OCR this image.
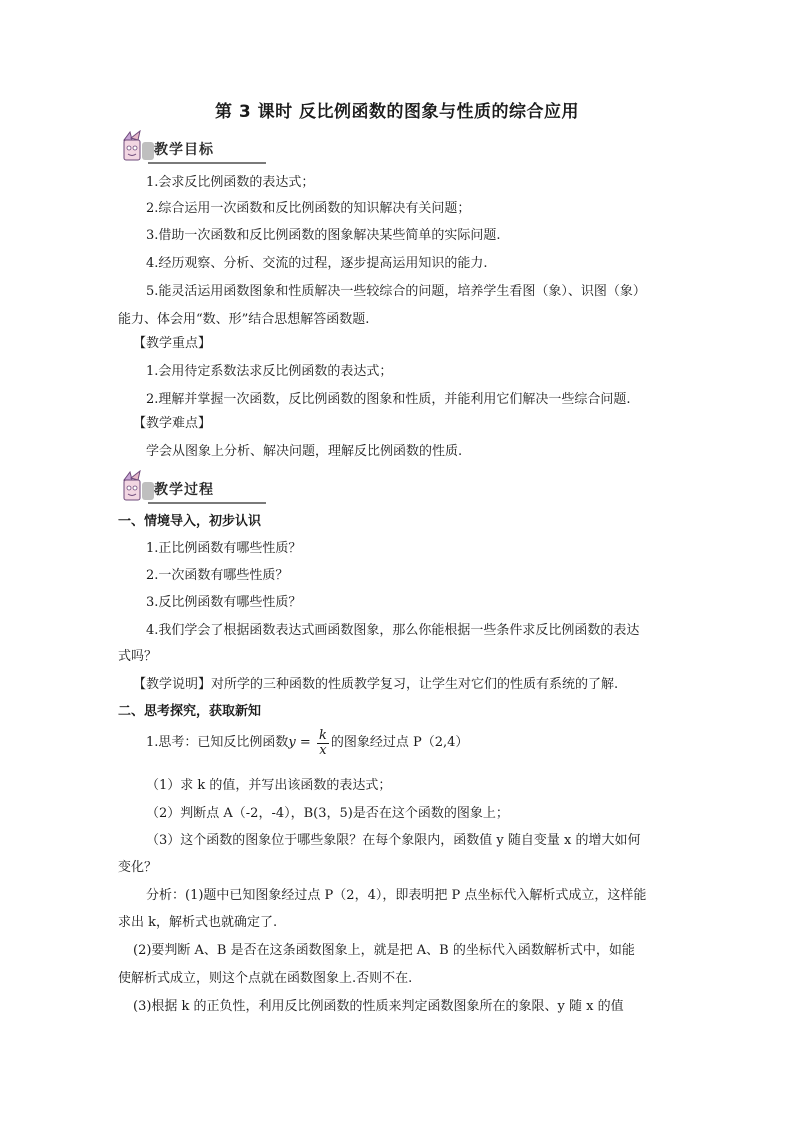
第 3 课时 反比例函数的图象与性质的综合应用
教学目标
1.会求反比例函数的表达式；
2.综合运用一次函数和反比例函数的知识解决有关问题；
3.借助一次函数和反比例函数的图象解决某些简单的实际问题.
4.经历观察、分析、交流的过程，逐步提高运用知识的能力.
5.能灵活运用函数图象和性质解决一些较综合的问题，培养学生看图（象）、识图（象）
能力、体会用“数、形”结合思想解答函数题.
【教学重点】
1.会用待定系数法求反比例函数的表达式；
2.理解并掌握一次函数，反比例函数的图象和性质，并能利用它们解决一些综合问题.
【教学难点】
学会从图象上分析、解决问题，理解反比例函数的性质.
教学过程
一、情境导入，初步认识
1.正比例函数有哪些性质？
2.一次函数有哪些性质？
3.反比例函数有哪些性质？
4.我们学会了根据函数表达式画函数图象，那么你能根据一些条件求反比例函数的表达
式吗？
【教学说明】对所学的三种函数的性质教学复习，让学生对它们的性质有系统的了解.
二、思考探究，获取新知
1.思考：已知反比例函数 $y = \frac{k}{x}$ 的图象经过点 P（2,4）
（1）求 k 的值，并写出该函数的表达式；
（2）判断点 A（-2，-4），B(3，5)是否在这个函数的图象上；
（3）这个函数的图象位于哪些象限？在每个象限内，函数值 y 随自变量 x 的增大如何
变化？
分析：(1)题中已知图象经过点 P（2，4），即表明把 P 点坐标代入解析式成立，这样能
求出 k，解析式也就确定了.
(2)要判断 A、B 是否在这条函数图象上，就是把 A、B 的坐标代入函数解析式中，如能
使解析式成立，则这个点就在函数图象上.否则不在.
(3)根据 k 的正负性，利用反比例函数的性质来判定函数图象所在的象限、y 随 x 的值
